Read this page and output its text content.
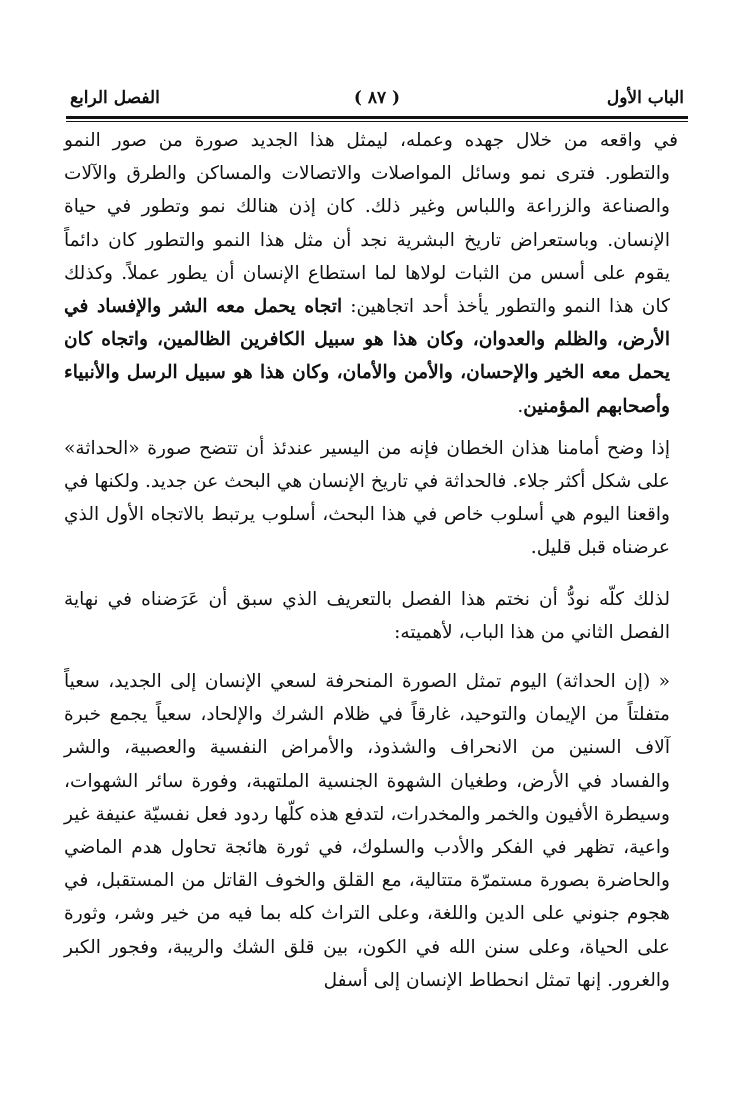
الباب الأول
( ٨٧ )
الفصل الرابع

في واقعه من خلال جهده وعمله، ليمثل هذا الجديد صورة من صور النمو والتطور. فترى نمو وسائل المواصلات والاتصالات والمساكن والطرق والآلات والصناعة والزراعة واللباس وغير ذلك. كان إذن هنالك نمو وتطور في حياة الإنسان. وباستعراض تاريخ البشرية نجد أن مثل هذا النمو والتطور كان دائماً يقوم على أسس من الثبات لولاها لما استطاع الإنسان أن يطور عملاً. وكذلك كان هذا النمو والتطور يأخذ أحد اتجاهين: اتجاه يحمل معه الشر والإفساد في الأرض، والظلم والعدوان، وكان هذا هو سبيل الكافرين الظالمين، واتجاه كان يحمل معه الخير والإحسان، والأمن والأمان، وكان هذا هو سبيل الرسل والأنبياء وأصحابهم المؤمنين.

إذا وضح أمامنا هذان الخطان فإنه من اليسير عندئذ أن تتضح صورة «الحداثة» على شكل أكثر جلاء. فالحداثة في تاريخ الإنسان هي البحث عن جديد. ولكنها في واقعنا اليوم هي أسلوب خاص في هذا البحث، أسلوب يرتبط بالاتجاه الأول الذي عرضناه قبل قليل.

لذلك كلّه نودُّ أن نختم هذا الفصل بالتعريف الذي سبق أن عَرَضناه في نهاية الفصل الثاني من هذا الباب، لأهميته:

« (إن الحداثة) اليوم تمثل الصورة المنحرفة لسعي الإنسان إلى الجديد، سعياً متفلتاً من الإيمان والتوحيد، غارقاً في ظلام الشرك والإلحاد، سعياً يجمع خبرة آلاف السنين من الانحراف والشذوذ، والأمراض النفسية والعصبية، والشر والفساد في الأرض، وطغيان الشهوة الجنسية الملتهبة، وفورة سائر الشهوات، وسيطرة الأفيون والخمر والمخدرات، لتدفع هذه كلّها ردود فعل نفسيّة عنيفة غير واعية، تظهر في الفكر والأدب والسلوك، في ثورة هائجة تحاول هدم الماضي والحاضرة بصورة مستمرّة متتالية، مع القلق والخوف القاتل من المستقبل، في هجوم جنوني على الدين واللغة، وعلى التراث كله بما فيه من خير وشر، وثورة على الحياة، وعلى سنن الله في الكون، بين قلق الشك والريبة، وفجور الكبر والغرور. إنها تمثل انحطاط الإنسان إلى أسفل
